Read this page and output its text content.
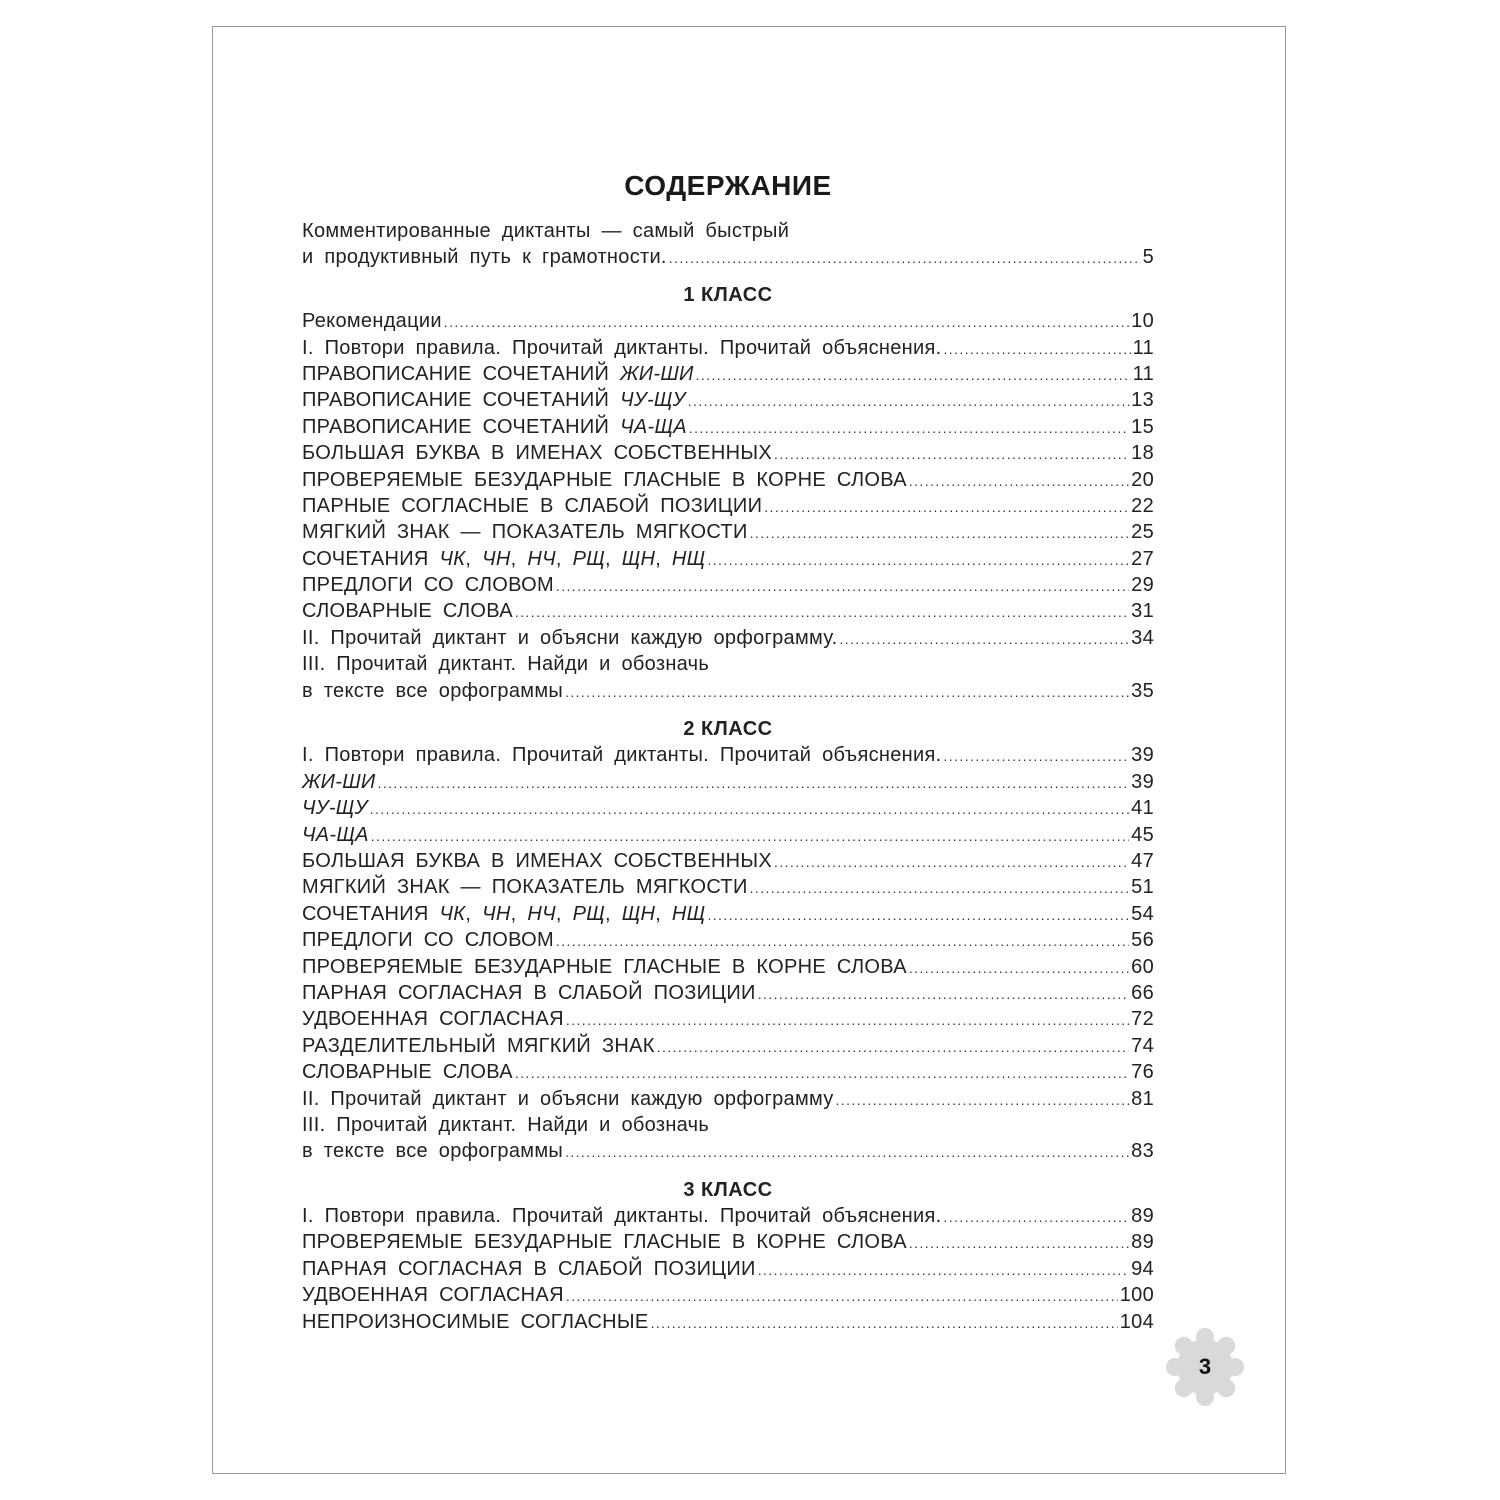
СОДЕРЖАНИЕ
Комментированные диктанты — самый быстрый
и продуктивный путь к грамотности. .....	5
1 КЛАСС
Рекомендации .....	10
I. Повтори правила. Прочитай диктанты. Прочитай объяснения. .....	11
ПРАВОПИСАНИЕ СОЧЕТАНИЙ ЖИ-ШИ .....	11
ПРАВОПИСАНИЕ СОЧЕТАНИЙ ЧУ-ЩУ .....	13
ПРАВОПИСАНИЕ СОЧЕТАНИЙ ЧА-ЩА .....	15
БОЛЬШАЯ БУКВА В ИМЕНАХ СОБСТВЕННЫХ .....	18
ПРОВЕРЯЕМЫЕ БЕЗУДАРНЫЕ ГЛАСНЫЕ В КОРНЕ СЛОВА .....	20
ПАРНЫЕ СОГЛАСНЫЕ В СЛАБОЙ ПОЗИЦИИ .....	22
МЯГКИЙ ЗНАК — ПОКАЗАТЕЛЬ МЯГКОСТИ .....	25
СОЧЕТАНИЯ ЧК, ЧН, НЧ, РЩ, ЩН, НЩ .....	27
ПРЕДЛОГИ СО СЛОВОМ .....	29
СЛОВАРНЫЕ СЛОВА .....	31
II. Прочитай диктант и объясни каждую орфограмму. .....	34
III. Прочитай диктант. Найди и обозначь
в тексте все орфограммы .....	35
2 КЛАСС
I. Повтори правила. Прочитай диктанты. Прочитай объяснения. .....	39
ЖИ-ШИ .....	39
ЧУ-ЩУ .....	41
ЧА-ЩА .....	45
БОЛЬШАЯ БУКВА В ИМЕНАХ СОБСТВЕННЫХ .....	47
МЯГКИЙ ЗНАК — ПОКАЗАТЕЛЬ МЯГКОСТИ .....	51
СОЧЕТАНИЯ ЧК, ЧН, НЧ, РЩ, ЩН, НЩ .....	54
ПРЕДЛОГИ СО СЛОВОМ .....	56
ПРОВЕРЯЕМЫЕ БЕЗУДАРНЫЕ ГЛАСНЫЕ В КОРНЕ СЛОВА .....	60
ПАРНАЯ СОГЛАСНАЯ В СЛАБОЙ ПОЗИЦИИ .....	66
УДВОЕННАЯ СОГЛАСНАЯ .....	72
РАЗДЕЛИТЕЛЬНЫЙ МЯГКИЙ ЗНАК .....	74
СЛОВАРНЫЕ СЛОВА .....	76
II. Прочитай диктант и объясни каждую орфограмму .....	81
III. Прочитай диктант. Найди и обозначь
в тексте все орфограммы .....	83
3 КЛАСС
I. Повтори правила. Прочитай диктанты. Прочитай объяснения. .....	89
ПРОВЕРЯЕМЫЕ БЕЗУДАРНЫЕ ГЛАСНЫЕ В КОРНЕ СЛОВА .....	89
ПАРНАЯ СОГЛАСНАЯ В СЛАБОЙ ПОЗИЦИИ .....	94
УДВОЕННАЯ СОГЛАСНАЯ .....	100
НЕПРОИЗНОСИМЫЕ СОГЛАСНЫЕ .....	104
3
